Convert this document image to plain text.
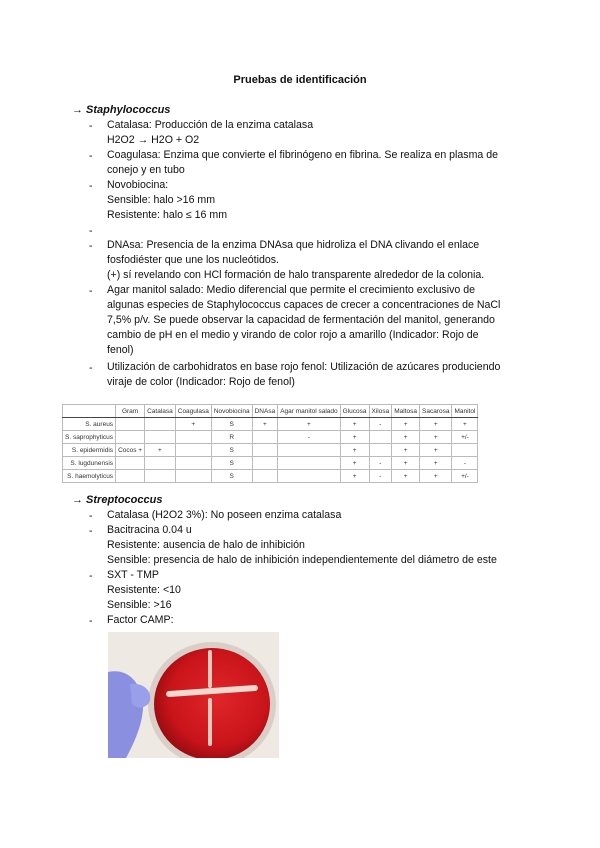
Pruebas de identificación
→ Staphylococcus
- Catalasa: Producción de la enzima catalasa
H2O2 → H2O + O2
- Coagulasa: Enzima que convierte el fibrinógeno en fibrina. Se realiza en plasma de
conejo y en tubo
- Novobiocina:
Sensible: halo >16 mm
Resistente: halo ≤ 16 mm
-
- DNAsa: Presencia de la enzima DNAsa que hidroliza el DNA clivando el enlace
fosfodiéster que une los nucleótidos.
(+) sí revelando con HCl formación de halo transparente alrededor de la colonia.
- Agar manitol salado: Medio diferencial que permite el crecimiento exclusivo de
algunas especies de Staphylococcus capaces de crecer a concentraciones de NaCl
7,5% p/v. Se puede observar la capacidad de fermentación del manitol, generando
cambio de pH en el medio y virando de color rojo a amarillo (Indicador: Rojo de
fenol)
- Utilización de carbohidratos en base rojo fenol: Utilización de azúcares produciendo
viraje de color (Indicador: Rojo de fenol)
	Gram	Catalasa	Coagulasa	Novobiocina	DNAsa	Agar manitol salado	Glucosa	Xilosa	Maltosa	Sacarosa	Manitol
S. aureus			+	S	+	+	+	-	+	+	+
S. saprophyticus				R		-	+		+	+	+/-
S. epidermidis	Cocos +	+		S			+		+	+	
S. lugdunensis				S			+	-	+	+	-
S. haemolyticus				S			+	-	+	+	+/-
→ Streptococcus
- Catalasa (H2O2 3%): No poseen enzima catalasa
- Bacitracina 0.04 u
Resistente: ausencia de halo de inhibición
Sensible: presencia de halo de inhibición independientemente del diámetro de este
- SXT - TMP
Resistente: <10
Sensible: >16
- Factor CAMP:
